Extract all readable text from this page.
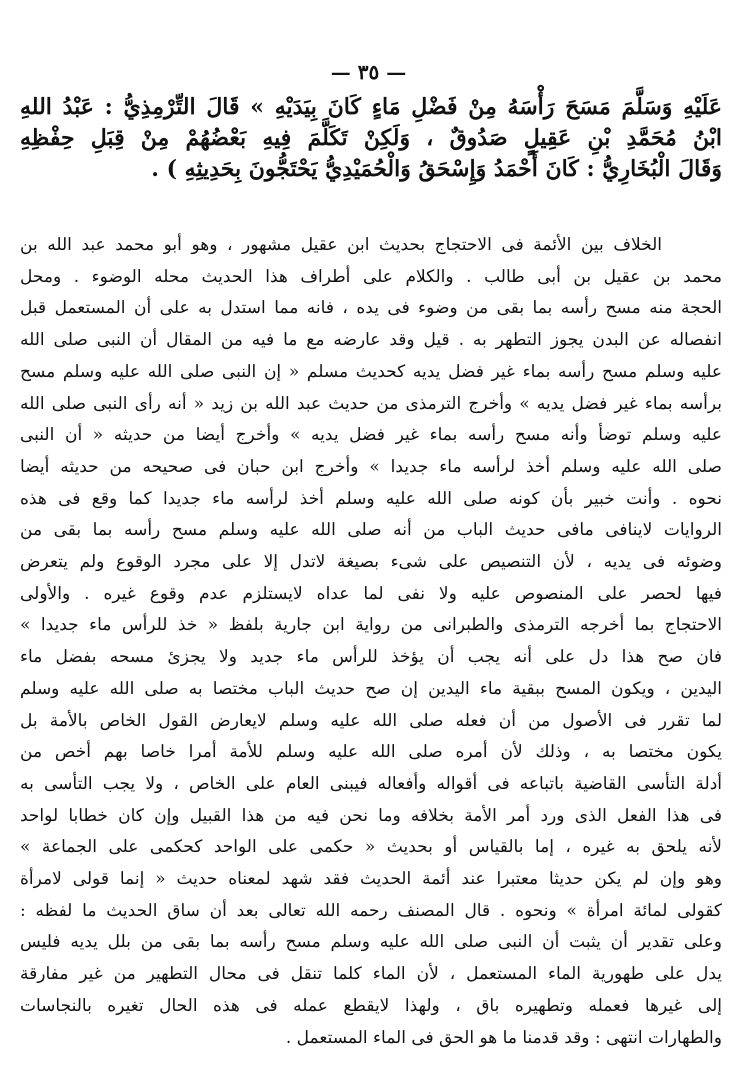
— ٣٥ —
عَلَيْهِ وَسَلَّمَ مَسَحَ رَأْسَهُ مِنْ فَضْلِ مَاءٍ كَانَ بِيَدَيْهِ » قَالَ التِّرْمِذِيُّ : عَبْدُ اللهِ
ابْنُ مُحَمَّدِ بْنِ عَقِيلٍ صَدُوقٌ ، وَلَكِنْ تَكَلَّمَ فِيهِ بَعْضُهُمْ مِنْ قِبَلِ حِفْظِهِ
وَقَالَ الْبُخَارِيُّ : كَانَ أَحْمَدُ وَإِسْحَقُ وَالْحُمَيْدِيُّ يَحْتَجُّونَ بِحَدِيثِهِ ) .
الخلاف بين الأئمة فى الاحتجاج بحديث ابن عقيل مشهور ، وهو أبو محمد عبد الله بن
محمد بن عقيل بن أبى طالب . والكلام على أطراف هذا الحديث محله الوضوء . ومحل
الحجة منه مسح رأسه بما بقى من وضوء فى يده ، فانه مما استدل به على أن المستعمل قبل
انفصاله عن البدن يجوز التطهر به . قيل وقد عارضه مع ما فيه من المقال أن النبى صلى الله
عليه وسلم مسح رأسه بماء غير فضل يديه كحديث مسلم « إن النبى صلى الله عليه وسلم مسح
برأسه بماء غير فضل يديه » وأخرج الترمذى من حديث عبد الله بن زيد « أنه رأى النبى صلى الله
عليه وسلم توضأ وأنه مسح رأسه بماء غير فضل يديه » وأخرج أيضا من حديثه « أن النبى
صلى الله عليه وسلم أخذ لرأسه ماء جديدا » وأخرج ابن حبان فى صحيحه من حديثه أيضا
نحوه . وأنت خبير بأن كونه صلى الله عليه وسلم أخذ لرأسه ماء جديدا كما وقع فى هذه
الروايات لاينافى مافى حديث الباب من أنه صلى الله عليه وسلم مسح رأسه بما بقى من
وضوئه فى يديه ، لأن التنصيص على شىء بصيغة لاتدل إلا على مجرد الوقوع ولم يتعرض
فيها لحصر على المنصوص عليه ولا نفى لما عداه لايستلزم عدم وقوع غيره . والأولى
الاحتجاج بما أخرجه الترمذى والطبرانى من رواية ابن جارية بلفظ « خذ للرأس ماء جديدا »
فان صح هذا دل على أنه يجب أن يؤخذ للرأس ماء جديد ولا يجزئ مسحه بفضل ماء
اليدين ، ويكون المسح ببقية ماء اليدين إن صح حديث الباب مختصا به صلى الله عليه وسلم
لما تقرر فى الأصول من أن فعله صلى الله عليه وسلم لايعارض القول الخاص بالأمة بل
يكون مختصا به ، وذلك لأن أمره صلى الله عليه وسلم للأمة أمرا خاصا بهم أخص من
أدلة التأسى القاضية باتباعه فى أقواله وأفعاله فيبنى العام على الخاص ، ولا يجب التأسى به
فى هذا الفعل الذى ورد أمر الأمة بخلافه وما نحن فيه من هذا القبيل وإن كان خطابا لواحد
لأنه يلحق به غيره ، إما بالقياس أو بحديث « حكمى على الواحد كحكمى على الجماعة »
وهو وإن لم يكن حديثا معتبرا عند أئمة الحديث فقد شهد لمعناه حديث « إنما قولى لامرأة
كقولى لمائة امرأة » ونحوه . قال المصنف رحمه الله تعالى بعد أن ساق الحديث ما لفظه :
وعلى تقدير أن يثبت أن النبى صلى الله عليه وسلم مسح رأسه بما بقى من بلل يديه فليس
يدل على طهورية الماء المستعمل ، لأن الماء كلما تنقل فى محال التطهير من غير مفارقة
إلى غيرها فعمله وتطهيره باق ، ولهذا لايقطع عمله فى هذه الحال تغيره بالنجاسات
والطهارات انتهى : وقد قدمنا ما هو الحق فى الماء المستعمل .
